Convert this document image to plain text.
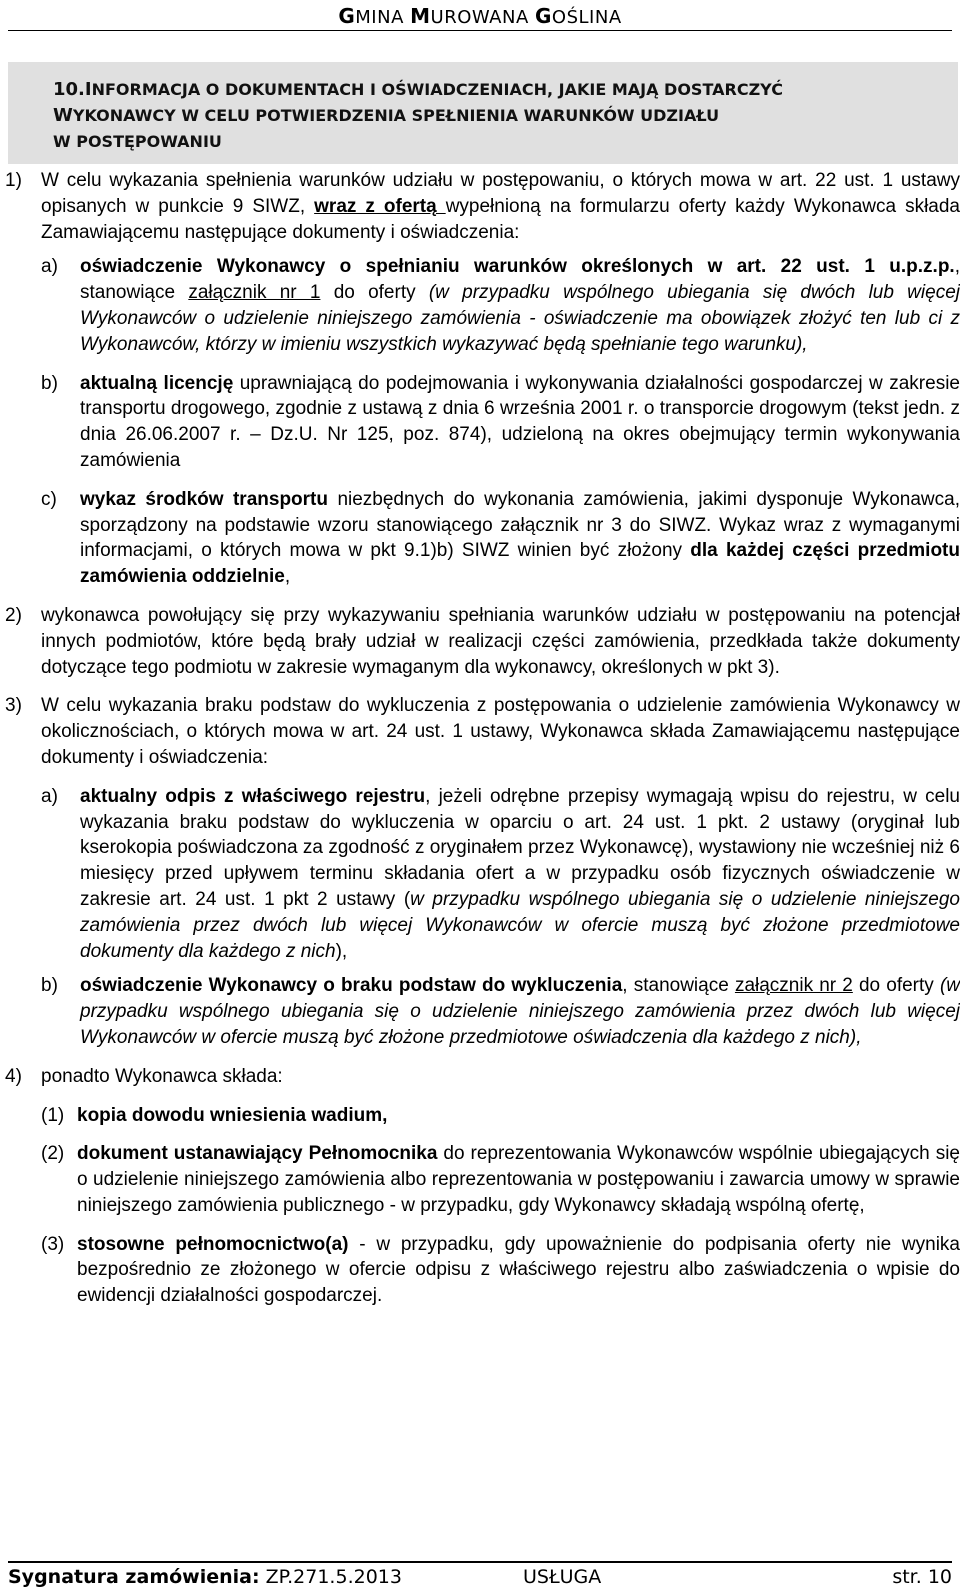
GMINA MUROWANA GOŚLINA
10.INFORMACJA O DOKUMENTACH I OŚWIADCZENIACH, JAKIE MAJĄ DOSTARCZYĆ
WYKONAWCY W CELU POTWIERDZENIA SPEŁNIENIA WARUNKÓW UDZIAŁU
W POSTĘPOWANIU
1) W celu wykazania spełnienia warunków udziału w postępowaniu, o których mowa w art. 22 ust. 1 ustawy opisanych w punkcie 9 SIWZ, wraz z ofertą wypełnioną na formularzu oferty każdy Wykonawca składa Zamawiającemu następujące dokumenty i oświadczenia:

a) oświadczenie Wykonawcy o spełnianiu warunków określonych w art. 22 ust. 1 u.p.z.p., stanowiące załącznik nr 1 do oferty (w przypadku wspólnego ubiegania się dwóch lub więcej Wykonawców o udzielenie niniejszego zamówienia - oświadczenie ma obowiązek złożyć ten lub ci z Wykonawców, którzy w imieniu wszystkich wykazywać będą spełnianie tego warunku),

b) aktualną licencję uprawniającą do podejmowania i wykonywania działalności gospodarczej w zakresie transportu drogowego, zgodnie z ustawą z dnia 6 września 2001 r. o transporcie drogowym (tekst jedn. z dnia 26.06.2007 r. – Dz.U. Nr 125, poz. 874), udzieloną na okres obejmujący termin wykonywania zamówienia

c) wykaz środków transportu niezbędnych do wykonania zamówienia, jakimi dysponuje Wykonawca, sporządzony na podstawie wzoru stanowiącego załącznik nr 3 do SIWZ. Wykaz wraz z wymaganymi informacjami, o których mowa w pkt 9.1)b) SIWZ winien być złożony dla każdej części przedmiotu zamówienia oddzielnie,

2) wykonawca powołujący się przy wykazywaniu spełniania warunków udziału w postępowaniu na potencjał innych podmiotów, które będą brały udział w realizacji części zamówienia, przedkłada także dokumenty dotyczące tego podmiotu w zakresie wymaganym dla wykonawcy, określonych w pkt 3).

3) W celu wykazania braku podstaw do wykluczenia z postępowania o udzielenie zamówienia Wykonawcy w okolicznościach, o których mowa w art. 24 ust. 1 ustawy, Wykonawca składa Zamawiającemu następujące dokumenty i oświadczenia:

a) aktualny odpis z właściwego rejestru, jeżeli odrębne przepisy wymagają wpisu do rejestru, w celu wykazania braku podstaw do wykluczenia w oparciu o art. 24 ust. 1 pkt. 2 ustawy (oryginał lub kserokopia poświadczona za zgodność z oryginałem przez Wykonawcę), wystawiony nie wcześniej niż 6 miesięcy przed upływem terminu składania ofert a w przypadku osób fizycznych oświadczenie w zakresie art. 24 ust. 1 pkt 2 ustawy (w przypadku wspólnego ubiegania się o udzielenie niniejszego zamówienia przez dwóch lub więcej Wykonawców w ofercie muszą być złożone przedmiotowe dokumenty dla każdego z nich),

b) oświadczenie Wykonawcy o braku podstaw do wykluczenia, stanowiące załącznik nr 2 do oferty (w przypadku wspólnego ubiegania się o udzielenie niniejszego zamówienia przez dwóch lub więcej Wykonawców w ofercie muszą być złożone przedmiotowe oświadczenia dla każdego z nich),

4) ponadto Wykonawca składa:

(1) kopia dowodu wniesienia wadium,

(2) dokument ustanawiający Pełnomocnika do reprezentowania Wykonawców wspólnie ubiegających się o udzielenie niniejszego zamówienia albo reprezentowania w postępowaniu i zawarcia umowy w sprawie niniejszego zamówienia publicznego - w przypadku, gdy Wykonawcy składają wspólną ofertę,

(3) stosowne pełnomocnictwo(a) - w przypadku, gdy upoważnienie do podpisania oferty nie wynika bezpośrednio ze złożonego w ofercie odpisu z właściwego rejestru albo zaświadczenia o wpisie do ewidencji działalności gospodarczej.

Sygnatura zamówienia: ZP.271.5.2013	USŁUGA	str. 10
